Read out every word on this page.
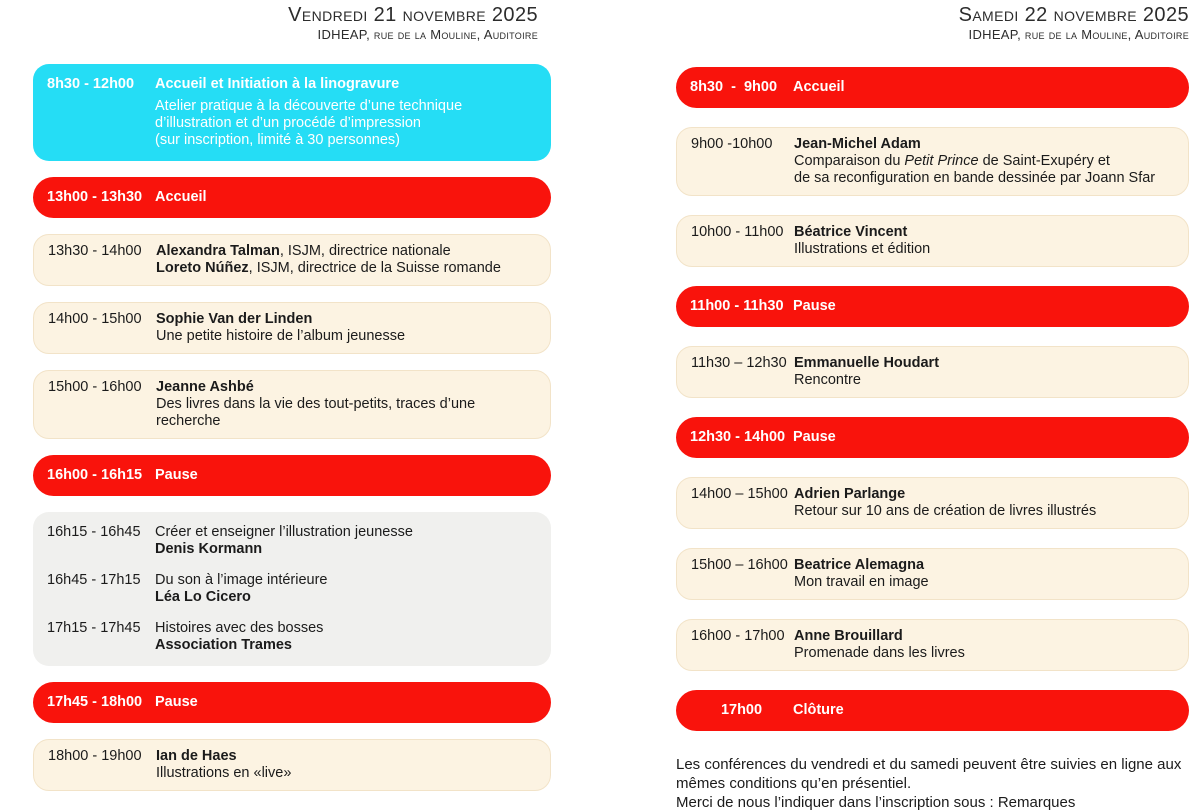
Vendredi 21 novembre 2025
IDHEAP, rue de la Mouline, Auditoire
8h30 - 12h00	Accueil et Initiation à la linogravure
Atelier pratique à la découverte d’une technique
d’illustration et d’un procédé d’impression
(sur inscription, limité à 30 personnes)
13h00 - 13h30 Accueil
13h30 - 14h00 Alexandra Talman, ISJM, directrice nationale
Loreto Núñez, ISJM, directrice de la Suisse romande
14h00 - 15h00 Sophie Van der Linden
Une petite histoire de l’album jeunesse
15h00 - 16h00 Jeanne Ashbé
Des livres dans la vie des tout-petits, traces d’une recherche
16h00 - 16h15 Pause
16h15 - 16h45 Créer et enseigner l’illustration jeunesse
Denis Kormann
16h45 - 17h15 Du son à l’image intérieure
Léa Lo Cicero
17h15 - 17h45 Histoires avec des bosses
Association Trames
17h45 - 18h00 Pause
18h00 - 19h00 Ian de Haes
Illustrations en «live»
Samedi 22 novembre 2025
IDHEAP, rue de la Mouline, Auditoire
8h30  -  9h00	Accueil
9h00 -10h00	Jean-Michel Adam
Comparaison du Petit Prince de Saint-Exupéry et
de sa reconfiguration en bande dessinée par Joann Sfar
10h00 - 11h00 Béatrice Vincent
Illustrations et édition
11h00 - 11h30 Pause
11h30 – 12h30 Emmanuelle Houdart
Rencontre
12h30 - 14h00 Pause
14h00 – 15h00 Adrien Parlange
Retour sur 10 ans de création de livres illustrés
15h00 – 16h00 Beatrice Alemagna
Mon travail en image
16h00 - 17h00 Anne Brouillard
Promenade dans les livres
17h00	Clôture
Les conférences du vendredi et du samedi peuvent être suivies en ligne aux mêmes conditions qu’en présentiel.
Merci de nous l’indiquer dans l’inscription sous : Remarques
